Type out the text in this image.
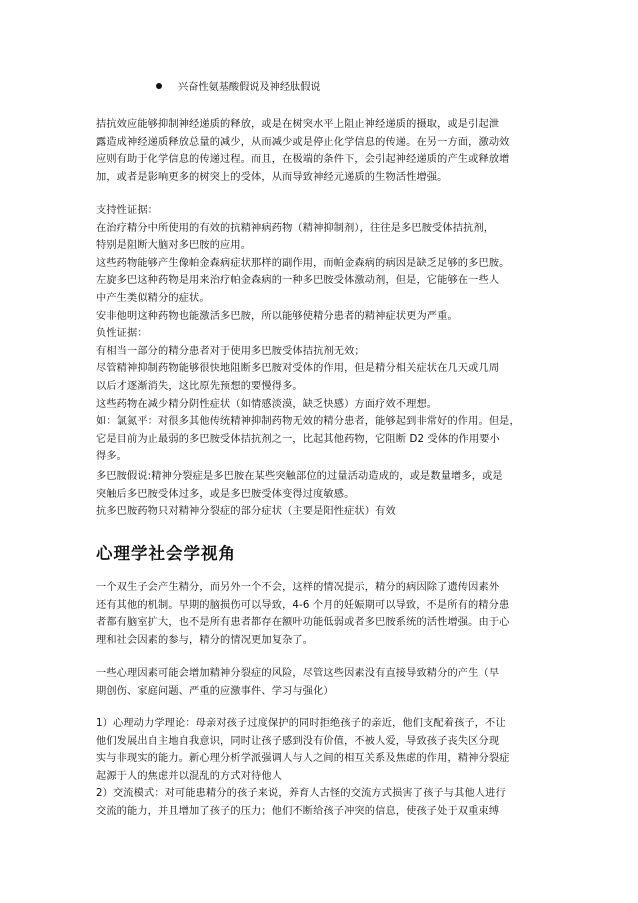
兴奋性氨基酸假说及神经肽假说

拮抗效应能够抑制神经递质的释放，或是在树突水平上阻止神经递质的摄取，或是引起泄

露造成神经递质释放总量的减少，从而减少或是停止化学信息的传递。在另一方面，激动效

应则有助于化学信息的传递过程。而且，在极端的条件下，会引起神经递质的产生或释放增

加，或者是影响更多的树突上的受体，从而导致神经元递质的生物活性增强。

支持性证据：

在治疗精分中所使用的有效的抗精神病药物（精神抑制剂），往往是多巴胺受体拮抗剂，

特别是阻断大脑对多巴胺的应用。

这些药物能够产生像帕金森病症状那样的副作用，而帕金森病的病因是缺乏足够的多巴胺。

左旋多巴这种药物是用来治疗帕金森病的一种多巴胺受体激动剂，但是，它能够在一些人

中产生类似精分的症状。

安非他明这种药物也能激活多巴胺，所以能够使精分患者的精神症状更为严重。

负性证据：

有相当一部分的精分患者对于使用多巴胺受体拮抗剂无效；

尽管精神抑制药物能够很快地阻断多巴胺对受体的作用，但是精分相关症状在几天或几周

以后才逐渐消失，这比原先预想的要慢得多。

这些药物在减少精分阴性症状（如情感淡漠，缺乏快感）方面疗效不理想。

如：氯氮平：对很多其他传统精神抑制药物无效的精分患者，能够起到非常好的作用。但是，

它是目前为止最弱的多巴胺受体拮抗剂之一，比起其他药物，它阻断 D2 受体的作用要小

得多。

多巴胺假说:精神分裂症是多巴胺在某些突触部位的过量活动造成的，或是数量增多，或是

突触后多巴胺受体过多，或是多巴胺受体变得过度敏感。

抗多巴胺药物只对精神分裂症的部分症状（主要是阳性症状）有效

心理学社会学视角

一个双生子会产生精分，而另外一个不会，这样的情况提示，精分的病因除了遗传因素外

还有其他的机制。早期的脑损伤可以导致，4-6 个月的妊娠期可以导致，不是所有的精分患

者都有脑室扩大，也不是所有患者都存在额叶功能低弱或者多巴胺系统的活性增强。由于心

理和社会因素的参与，精分的情况更加复杂了。

一些心理因素可能会增加精神分裂症的风险，尽管这些因素没有直接导致精分的产生（早

期创伤、家庭问题、严重的应激事件、学习与强化）

1）心理动力学理论：母亲对孩子过度保护的同时拒绝孩子的亲近，他们支配着孩子，不让

他们发展出自主地自我意识，同时让孩子感到没有价值，不被人爱，导致孩子丧失区分现

实与非现实的能力。新心理分析学派强调人与人之间的相互关系及焦虑的作用，精神分裂症

起源于人的焦虑并以混乱的方式对待他人

2）交流模式：对可能患精分的孩子来说，养育人古怪的交流方式损害了孩子与其他人进行

交流的能力，并且增加了孩子的压力；他们不断给孩子冲突的信息，使孩子处于双重束缚
